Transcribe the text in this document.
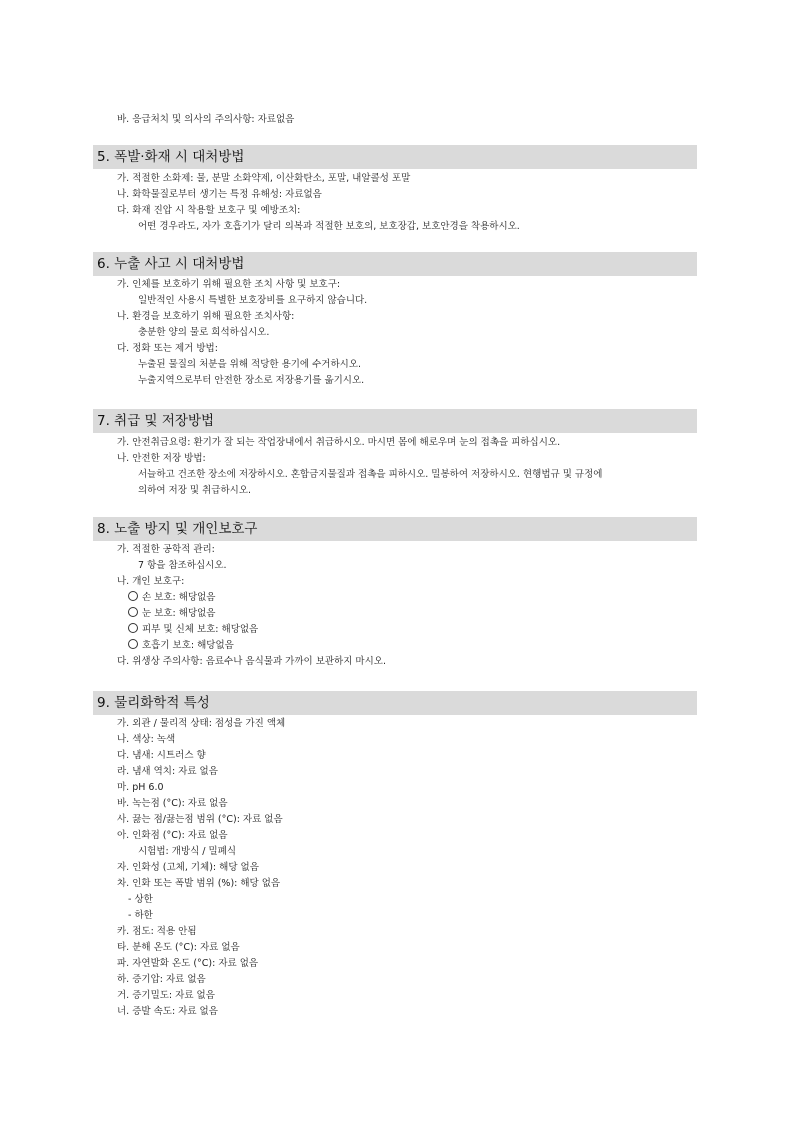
바. 응급처치 및 의사의 주의사항: 자료없음
5. 폭발·화재 시 대처방법
가. 적절한 소화제: 물, 분말 소화약제, 이산화탄소, 포말, 내알콜성 포말
나. 화학물질로부터 생기는 특정 유해성: 자료없음
다. 화재 진압 시 착용할 보호구 및 예방조치:
어떤 경우라도, 자가 호흡기가 달리 의복과 적절한 보호의, 보호장갑, 보호안경을 착용하시오.
6. 누출 사고 시 대처방법
가. 인체를 보호하기 위해 필요한 조치 사항 및 보호구:
일반적인 사용시 특별한 보호장비를 요구하지 않습니다.
나. 환경을 보호하기 위해 필요한 조치사항:
충분한 양의 물로 희석하십시오.
다. 정화 또는 제거 방법:
누출된 물질의 처분을 위해 적당한 용기에 수거하시오.
누출지역으로부터 안전한 장소로 저장용기를 옮기시오.
7. 취급 및 저장방법
가. 안전취급요령: 환기가 잘 되는 작업장내에서 취급하시오. 마시면 몸에 해로우며 눈의 접촉을 피하십시오.
나. 안전한 저장 방법:
서늘하고 건조한 장소에 저장하시오. 혼합금지물질과 접촉을 피하시오. 밀봉하여 저장하시오. 현행법규 및 규정에
의하여 저장 및 취급하시오.
8. 노출 방지 및 개인보호구
가. 적절한 공학적 관리:
7 항을 참조하십시오.
나. 개인 보호구:
손 보호: 해당없음
눈 보호: 해당없음
피부 및 신체 보호: 해당없음
호흡기 보호: 해당없음
다. 위생상 주의사항: 음료수나 음식물과 가까이 보관하지 마시오.
9. 물리화학적 특성
가. 외관 / 물리적 상태: 점성을 가진 액체
나. 색상: 녹색
다. 냄새: 시트러스 향
라. 냄새 역치: 자료 없음
마. pH 6.0
바. 녹는점 (°C): 자료 없음
사. 끓는 점/끓는점 범위 (°C): 자료 없음
아. 인화점 (°C): 자료 없음
시험법: 개방식 / 밀폐식
자. 인화성 (고체, 기체): 해당 없음
차. 인화 또는 폭발 범위 (%): 해당 없음
- 상한
- 하한
카. 점도: 적용 안됨
타. 분해 온도 (°C): 자료 없음
파. 자연발화 온도 (°C): 자료 없음
하. 증기압: 자료 없음
거. 증기밀도: 자료 없음
너. 증발 속도: 자료 없음
